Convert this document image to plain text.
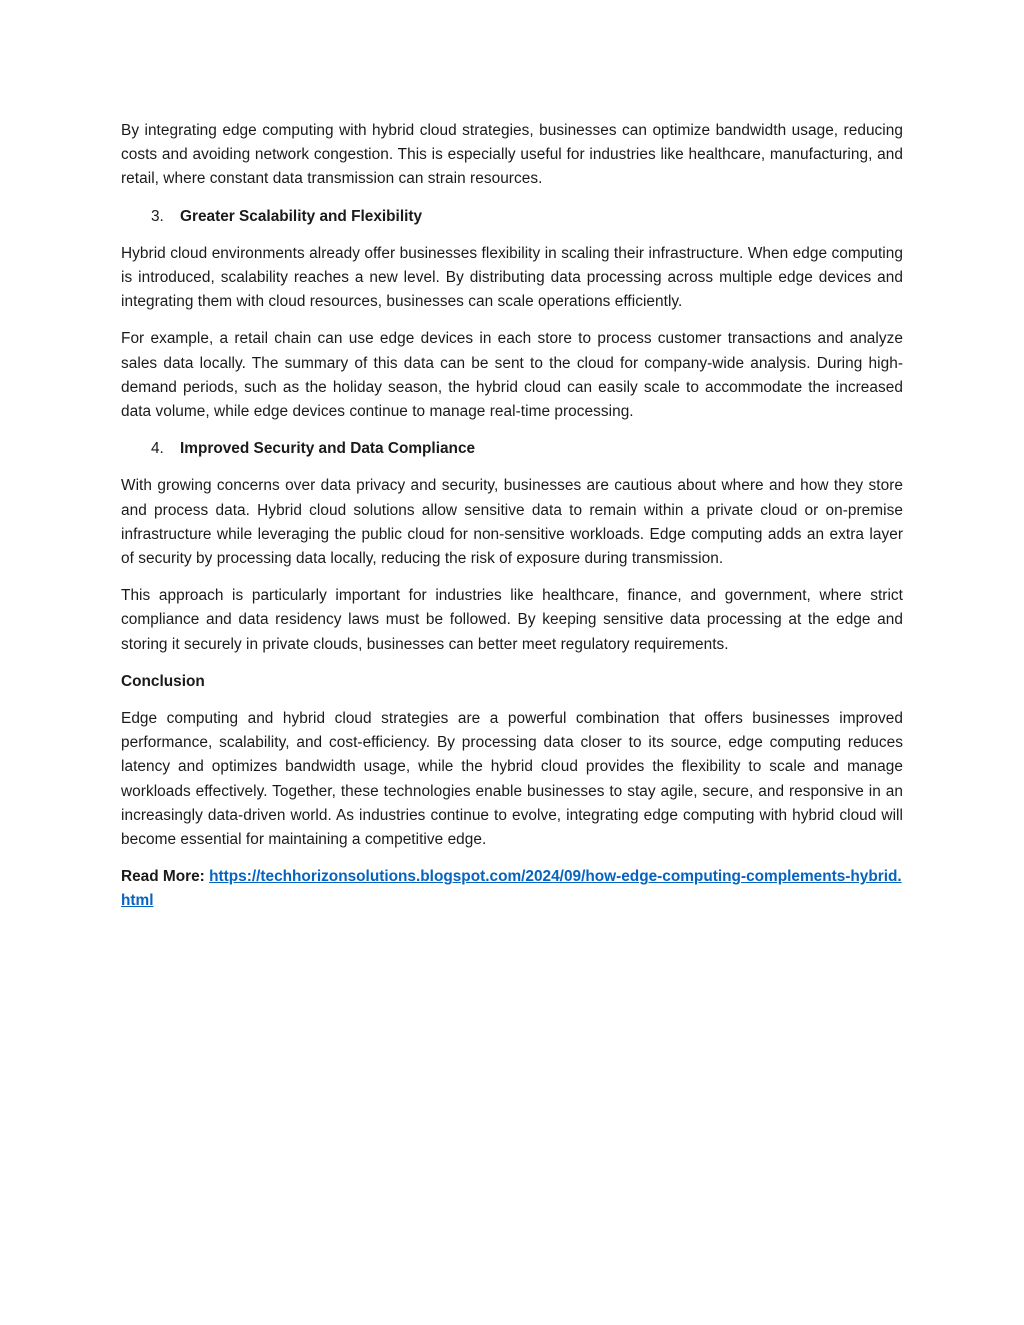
By integrating edge computing with hybrid cloud strategies, businesses can optimize bandwidth usage, reducing costs and avoiding network congestion. This is especially useful for industries like healthcare, manufacturing, and retail, where constant data transmission can strain resources.

3.	Greater Scalability and Flexibility

Hybrid cloud environments already offer businesses flexibility in scaling their infrastructure. When edge computing is introduced, scalability reaches a new level. By distributing data processing across multiple edge devices and integrating them with cloud resources, businesses can scale operations efficiently.

For example, a retail chain can use edge devices in each store to process customer transactions and analyze sales data locally. The summary of this data can be sent to the cloud for company-wide analysis. During high-demand periods, such as the holiday season, the hybrid cloud can easily scale to accommodate the increased data volume, while edge devices continue to manage real-time processing.

4.	Improved Security and Data Compliance

With growing concerns over data privacy and security, businesses are cautious about where and how they store and process data. Hybrid cloud solutions allow sensitive data to remain within a private cloud or on-premise infrastructure while leveraging the public cloud for non-sensitive workloads. Edge computing adds an extra layer of security by processing data locally, reducing the risk of exposure during transmission.

This approach is particularly important for industries like healthcare, finance, and government, where strict compliance and data residency laws must be followed. By keeping sensitive data processing at the edge and storing it securely in private clouds, businesses can better meet regulatory requirements.

Conclusion

Edge computing and hybrid cloud strategies are a powerful combination that offers businesses improved performance, scalability, and cost-efficiency. By processing data closer to its source, edge computing reduces latency and optimizes bandwidth usage, while the hybrid cloud provides the flexibility to scale and manage workloads effectively. Together, these technologies enable businesses to stay agile, secure, and responsive in an increasingly data-driven world. As industries continue to evolve, integrating edge computing with hybrid cloud will become essential for maintaining a competitive edge.

Read More: https://techhorizonsolutions.blogspot.com/2024/09/how-edge-computing-complements-hybrid.html
